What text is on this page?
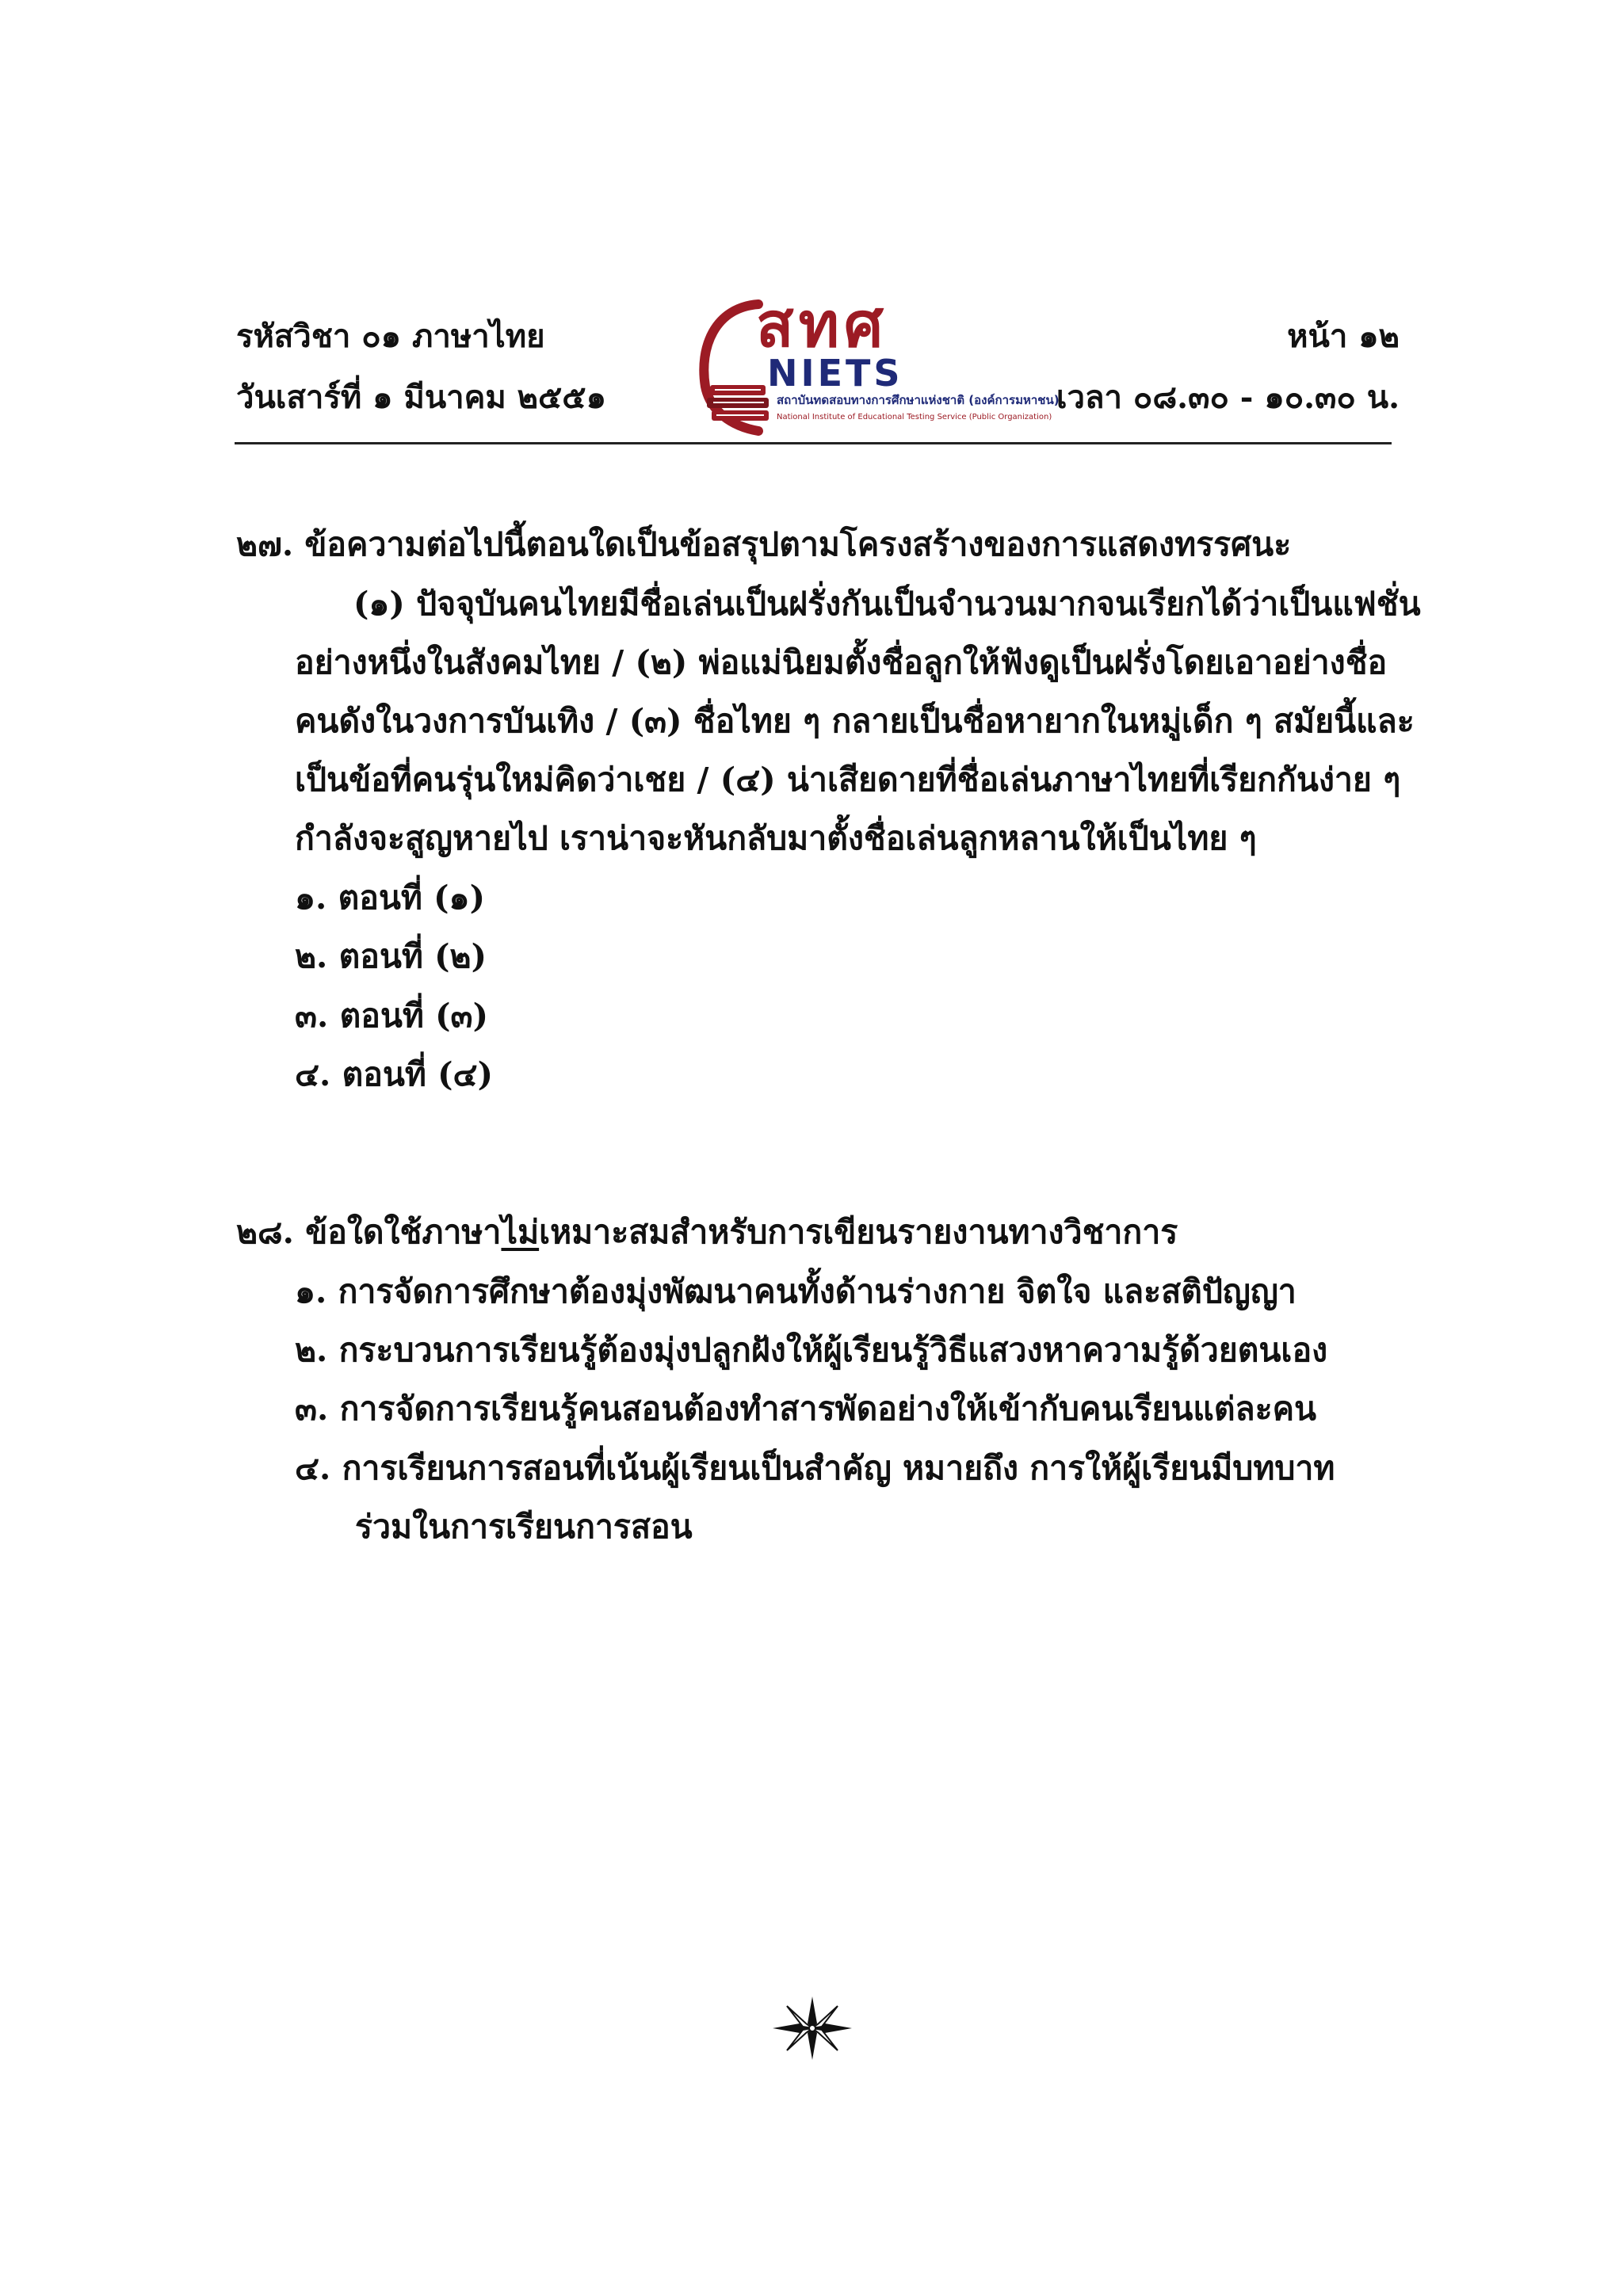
รหัสวิชา ๐๑ ภาษาไทย
วันเสาร์ที่ ๑ มีนาคม ๒๕๕๑
หน้า ๑๒
เวลา ๐๘.๓๐ - ๑๐.๓๐ น.
สทศ
NIETS
สถาบันทดสอบทางการศึกษาแห่งชาติ (องค์การมหาชน)
National Institute of Educational Testing Service (Public Organization)
๒๗. ข้อความต่อไปนี้ตอนใดเป็นข้อสรุปตามโครงสร้างของการแสดงทรรศนะ
(๑) ปัจจุบันคนไทยมีชื่อเล่นเป็นฝรั่งกันเป็นจำนวนมากจนเรียกได้ว่าเป็นแฟชั่น
อย่างหนึ่งในสังคมไทย / (๒) พ่อแม่นิยมตั้งชื่อลูกให้ฟังดูเป็นฝรั่งโดยเอาอย่างชื่อ
คนดังในวงการบันเทิง / (๓) ชื่อไทย ๆ กลายเป็นชื่อหายากในหมู่เด็ก ๆ สมัยนี้และ
เป็นข้อที่คนรุ่นใหม่คิดว่าเชย / (๔) น่าเสียดายที่ชื่อเล่นภาษาไทยที่เรียกกันง่าย ๆ
กำลังจะสูญหายไป เราน่าจะหันกลับมาตั้งชื่อเล่นลูกหลานให้เป็นไทย ๆ
๑. ตอนที่ (๑)
๒. ตอนที่ (๒)
๓. ตอนที่ (๓)
๔. ตอนที่ (๔)
๒๘. ข้อใดใช้ภาษาไม่เหมาะสมสำหรับการเขียนรายงานทางวิชาการ
๑. การจัดการศึกษาต้องมุ่งพัฒนาคนทั้งด้านร่างกาย จิตใจ และสติปัญญา
๒. กระบวนการเรียนรู้ต้องมุ่งปลูกฝังให้ผู้เรียนรู้วิธีแสวงหาความรู้ด้วยตนเอง
๓. การจัดการเรียนรู้คนสอนต้องทำสารพัดอย่างให้เข้ากับคนเรียนแต่ละคน
๔. การเรียนการสอนที่เน้นผู้เรียนเป็นสำคัญ หมายถึง การให้ผู้เรียนมีบทบาท
ร่วมในการเรียนการสอน
